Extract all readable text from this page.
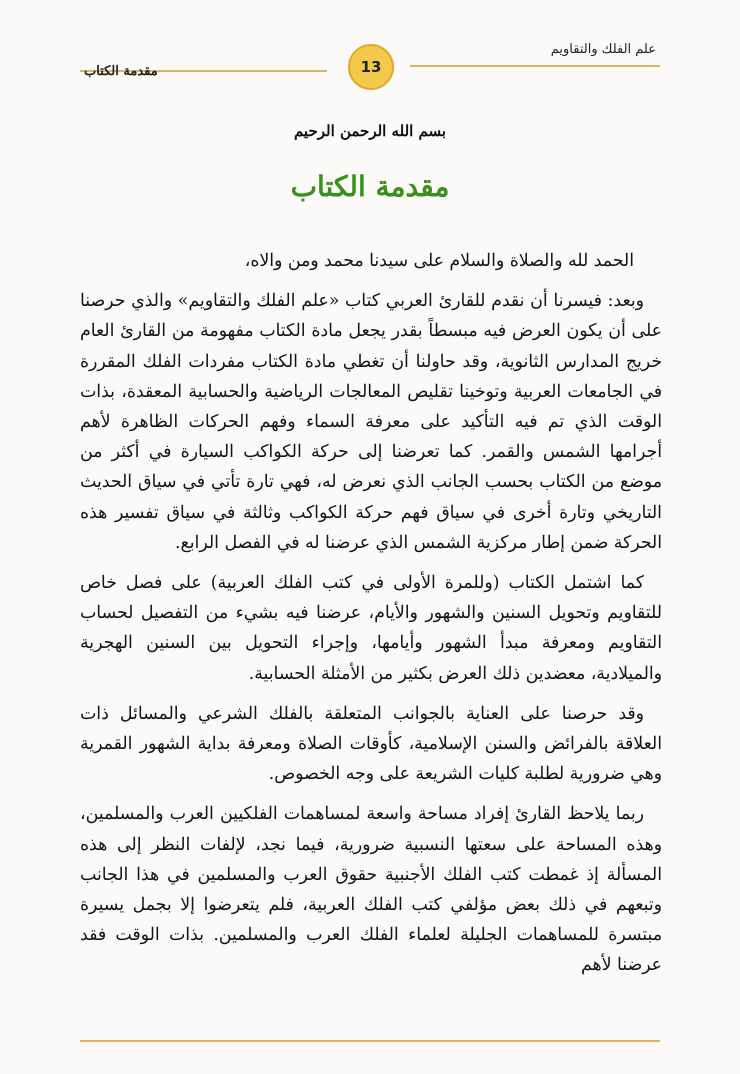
علم الفلك والتقاويم
مقدمة الكتاب	13
بسم الله الرحمن الرحيم
مقدمة الكتاب

الحمد لله والصلاة والسلام على سيدنا محمد ومن والاه،

وبعد: فيسرنا أن نقدم للقارئ العربي كتاب «علم الفلك والتقاويم» والذي حرصنا على أن يكون العرض فيه مبسطاً بقدر يجعل مادة الكتاب مفهومة من القارئ العام خريج المدارس الثانوية، وقد حاولنا أن تغطي مادة الكتاب مفردات الفلك المقررة في الجامعات العربية وتوخينا تقليص المعالجات الرياضية والحسابية المعقدة، بذات الوقت الذي تم فيه التأكيد على معرفة السماء وفهم الحركات الظاهرة لأهم أجرامها الشمس والقمر. كما تعرضنا إلى حركة الكواكب السيارة في أكثر من موضع من الكتاب بحسب الجانب الذي نعرض له، فهي تارة تأتي في سياق الحديث التاريخي وتارة أخرى في سياق فهم حركة الكواكب وثالثة في سياق تفسير هذه الحركة ضمن إطار مركزية الشمس الذي عرضنا له في الفصل الرابع.

كما اشتمل الكتاب (وللمرة الأولى في كتب الفلك العربية) على فصل خاص للتقاويم وتحويل السنين والشهور والأيام، عرضنا فيه بشيء من التفصيل لحساب التقاويم ومعرفة مبدأ الشهور وأيامها، وإجراء التحويل بين السنين الهجرية والميلادية، معضدين ذلك العرض بكثير من الأمثلة الحسابية.

وقد حرصنا على العناية بالجوانب المتعلقة بالفلك الشرعي والمسائل ذات العلاقة بالفرائض والسنن الإسلامية، كأوقات الصلاة ومعرفة بداية الشهور القمرية وهي ضرورية لطلبة كليات الشريعة على وجه الخصوص.

ربما يلاحظ القارئ إفراد مساحة واسعة لمساهمات الفلكيين العرب والمسلمين، وهذه المساحة على سعتها النسبية ضرورية، فيما نجد، لإلفات النظر إلى هذه المسألة إذ غمطت كتب الفلك الأجنبية حقوق العرب والمسلمين في هذا الجانب وتبعهم في ذلك بعض مؤلفي كتب الفلك العربية، فلم يتعرضوا إلا بجمل يسيرة مبتسرة للمساهمات الجليلة لعلماء الفلك العرب والمسلمين. بذات الوقت فقد عرضنا لأهم
